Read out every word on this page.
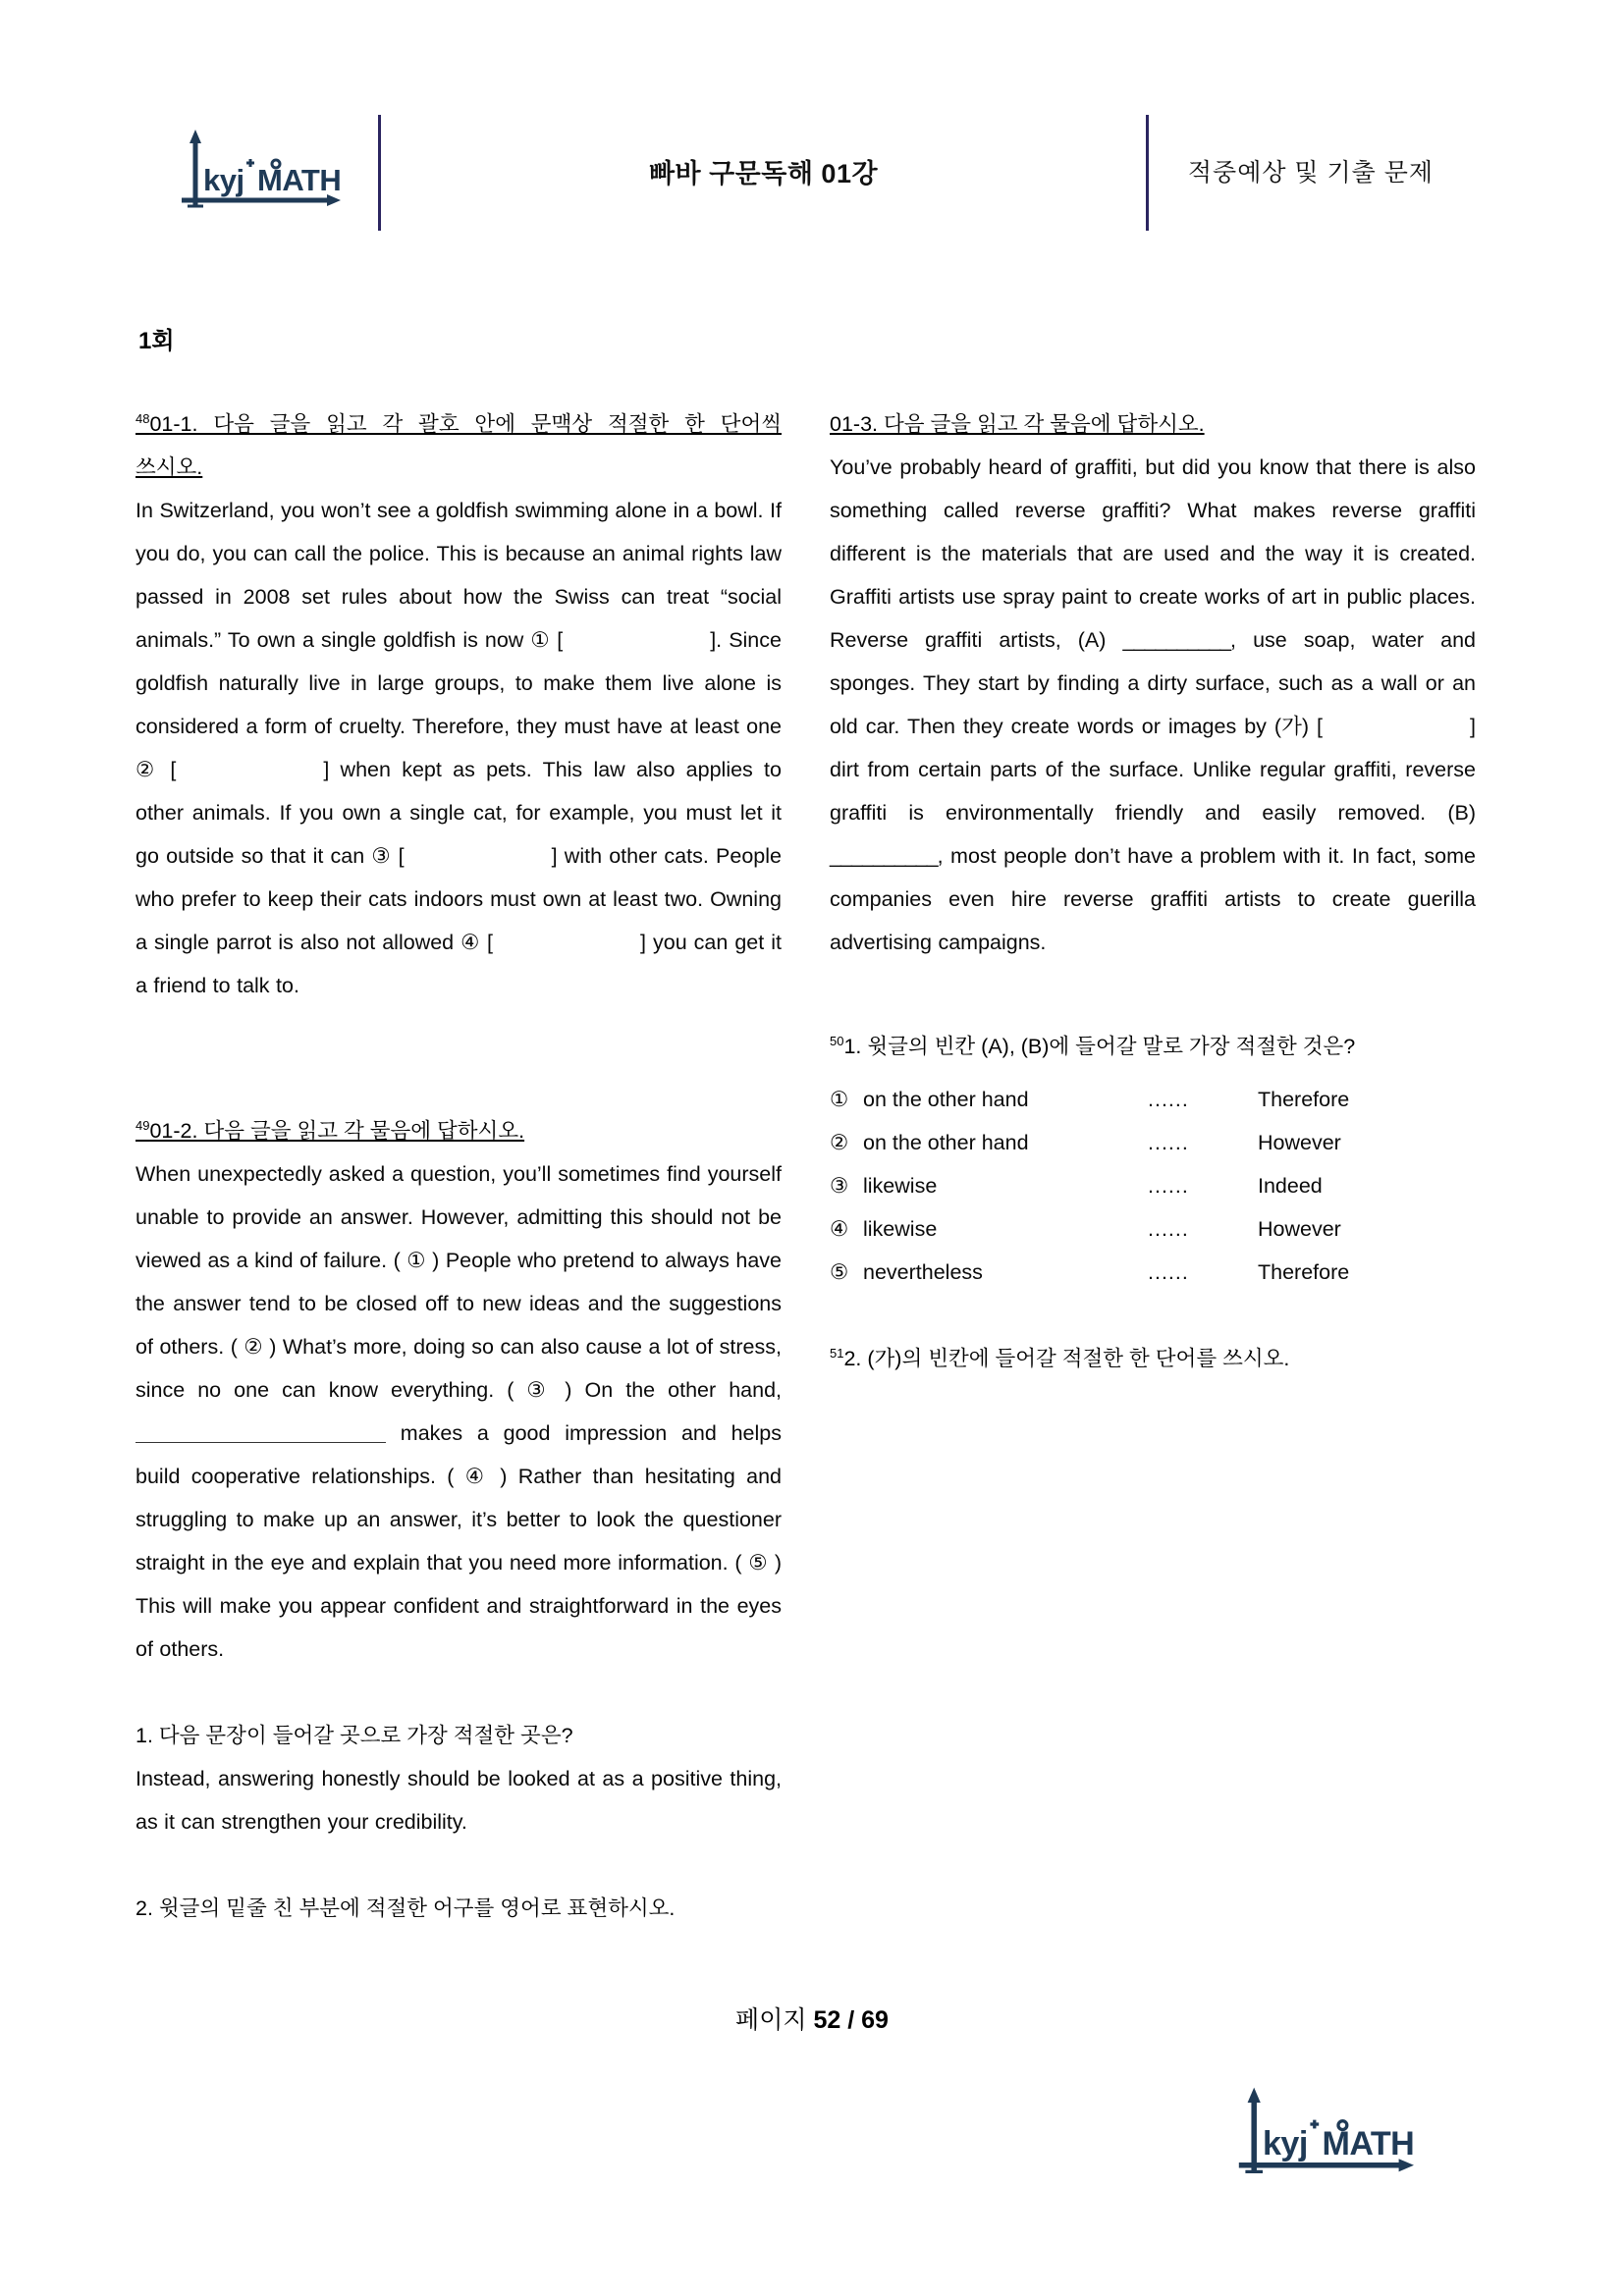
kyj MATH	빠바 구문독해 01강	적중예상 및 기출 문제
1회
$^{48}$01-1. 다음 글을 읽고 각 괄호 안에 문맥상 적절한 한 단어씩
쓰시오.

In Switzerland, you won’t see a goldfish swimming alone in a bowl. If you do, you can call the police. This is because an animal rights law passed in 2008 set rules about how the Swiss can treat “social animals.” To own a single goldfish is now ① [	]. Since goldfish naturally live in large groups, to make them live alone is considered a form of cruelty. Therefore, they must have at least one ② [	] when kept as pets. This law also applies to other animals. If you own a single cat, for example, you must let it go outside so that it can ③ [	] with other cats. People who prefer to keep their cats indoors must own at least two. Owning a single parrot is also not allowed ④ [	] you can get it a friend to talk to.

$^{49}$01-2. 다음 글을 읽고 각 물음에 답하시오.

When unexpectedly asked a question, you’ll sometimes find yourself unable to provide an answer. However, admitting this should not be viewed as a kind of failure. ( ① ) People who pretend to always have the answer tend to be closed off to new ideas and the suggestions of others. ( ② ) What’s more, doing so can also cause a lot of stress, since no one can know everything. ( ③ ) On the other hand,  makes a good impression and helps build cooperative relationships. ( ④ ) Rather than hesitating and struggling to make up an answer, it’s better to look the questioner straight in the eye and explain that you need more information. ( ⑤ ) This will make you appear confident and straightforward in the eyes of others.

1. 다음 문장이 들어갈 곳으로 가장 적절한 곳은?

Instead, answering honestly should be looked at as a positive thing, as it can strengthen your credibility.

2. 윗글의 밑줄 친 부분에 적절한 어구를 영어로 표현하시오.
01-3. 다음 글을 읽고 각 물음에 답하시오.

You’ve probably heard of graffiti, but did you know that there is also something called reverse graffiti? What makes reverse graffiti different is the materials that are used and the way it is created. Graffiti artists use spray paint to create works of art in public places. Reverse graffiti artists, (A) __________, use soap, water and sponges. They start by finding a dirty surface, such as a wall or an old car. Then they create words or images by (가) [	] dirt from certain parts of the surface. Unlike regular graffiti, reverse graffiti is environmentally friendly and easily removed. (B) __________, most people don’t have a problem with it. In fact, some companies even hire reverse graffiti artists to create guerilla advertising campaigns.

$^{50}$1. 윗글의 빈칸 (A), (B)에 들어갈 말로 가장 적절한 것은?
① on the other hand	......	Therefore
② on the other hand	......	However
③ likewise	......	Indeed
④ likewise	......	However
⑤ nevertheless	......	Therefore
$^{51}$2. (가)의 빈칸에 들어갈 적절한 한 단어를 쓰시오.
페이지 52 / 69
kyj MATH
